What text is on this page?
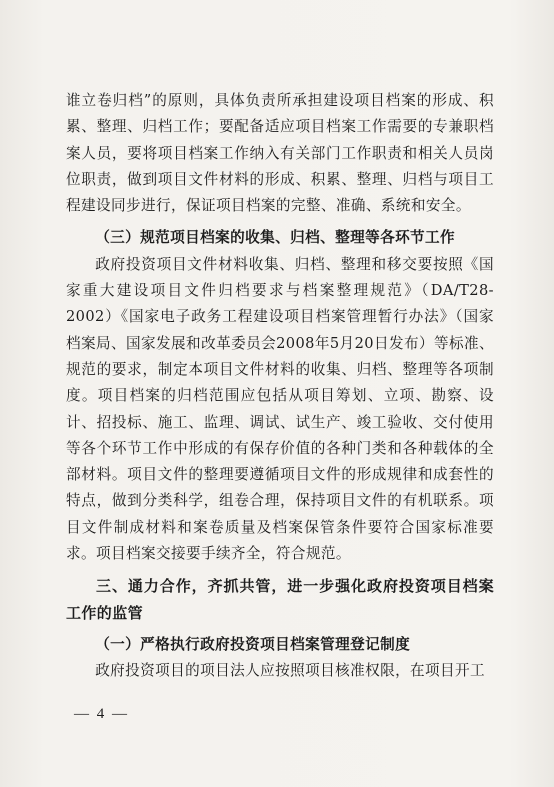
谁立卷归档”的原则，具体负责所承担建设项目档案的形成、积累、整理、归档工作；要配备适应项目档案工作需要的专兼职档案人员，要将项目档案工作纳入有关部门工作职责和相关人员岗位职责，做到项目文件材料的形成、积累、整理、归档与项目工程建设同步进行，保证项目档案的完整、准确、系统和安全。

（三）规范项目档案的收集、归档、整理等各环节工作

政府投资项目文件材料收集、归档、整理和移交要按照《国家重大建设项目文件归档要求与档案整理规范》（DA/T28-2002）《国家电子政务工程建设项目档案管理暂行办法》（国家档案局、国家发展和改革委员会2008年5月20日发布）等标准、规范的要求，制定本项目文件材料的收集、归档、整理等各项制度。项目档案的归档范围应包括从项目筹划、立项、勘察、设计、招投标、施工、监理、调试、试生产、竣工验收、交付使用等各个环节工作中形成的有保存价值的各种门类和各种载体的全部材料。项目文件的整理要遵循项目文件的形成规律和成套性的特点，做到分类科学，组卷合理，保持项目文件的有机联系。项目文件制成材料和案卷质量及档案保管条件要符合国家标准要求。项目档案交接要手续齐全，符合规范。

三、通力合作，齐抓共管，进一步强化政府投资项目档案工作的监管

（一）严格执行政府投资项目档案管理登记制度

政府投资项目的项目法人应按照项目核准权限，在项目开工

— 4 —
